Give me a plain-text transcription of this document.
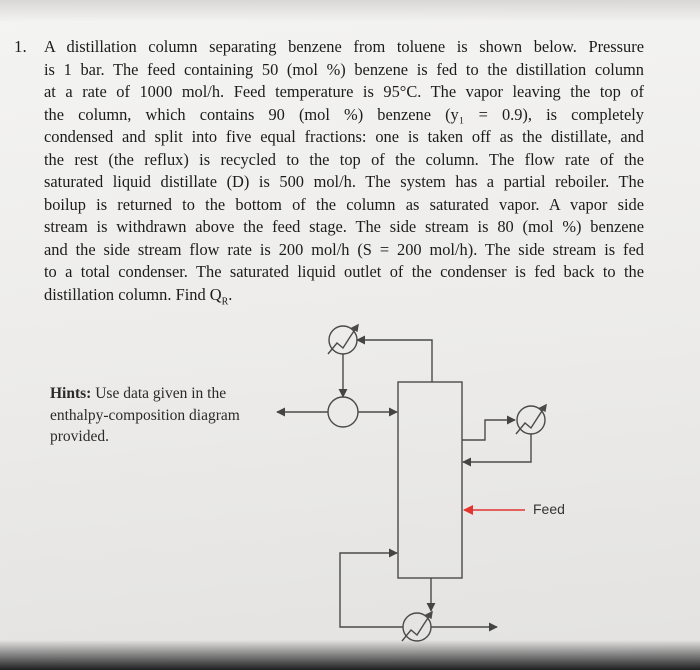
1. A distillation column separating benzene from toluene is shown below. Pressure
is 1 bar. The feed containing 50 (mol %) benzene is fed to the distillation column
at a rate of 1000 mol/h. Feed temperature is 95°C. The vapor leaving the top of
the column, which contains 90 (mol %) benzene (y₁ = 0.9), is completely
condensed and split into five equal fractions: one is taken off as the distillate, and
the rest (the reflux) is recycled to the top of the column. The flow rate of the
saturated liquid distillate (D) is 500 mol/h. The system has a partial reboiler. The
boilup is returned to the bottom of the column as saturated vapor. A vapor side
stream is withdrawn above the feed stage. The side stream is 80 (mol %) benzene
and the side stream flow rate is 200 mol/h (S = 200 mol/h). The side stream is fed
to a total condenser. The saturated liquid outlet of the condenser is fed back to the
distillation column. Find $Q_R$.
Hints: Use data given in the
enthalpy-composition diagram
provided.
Feed
